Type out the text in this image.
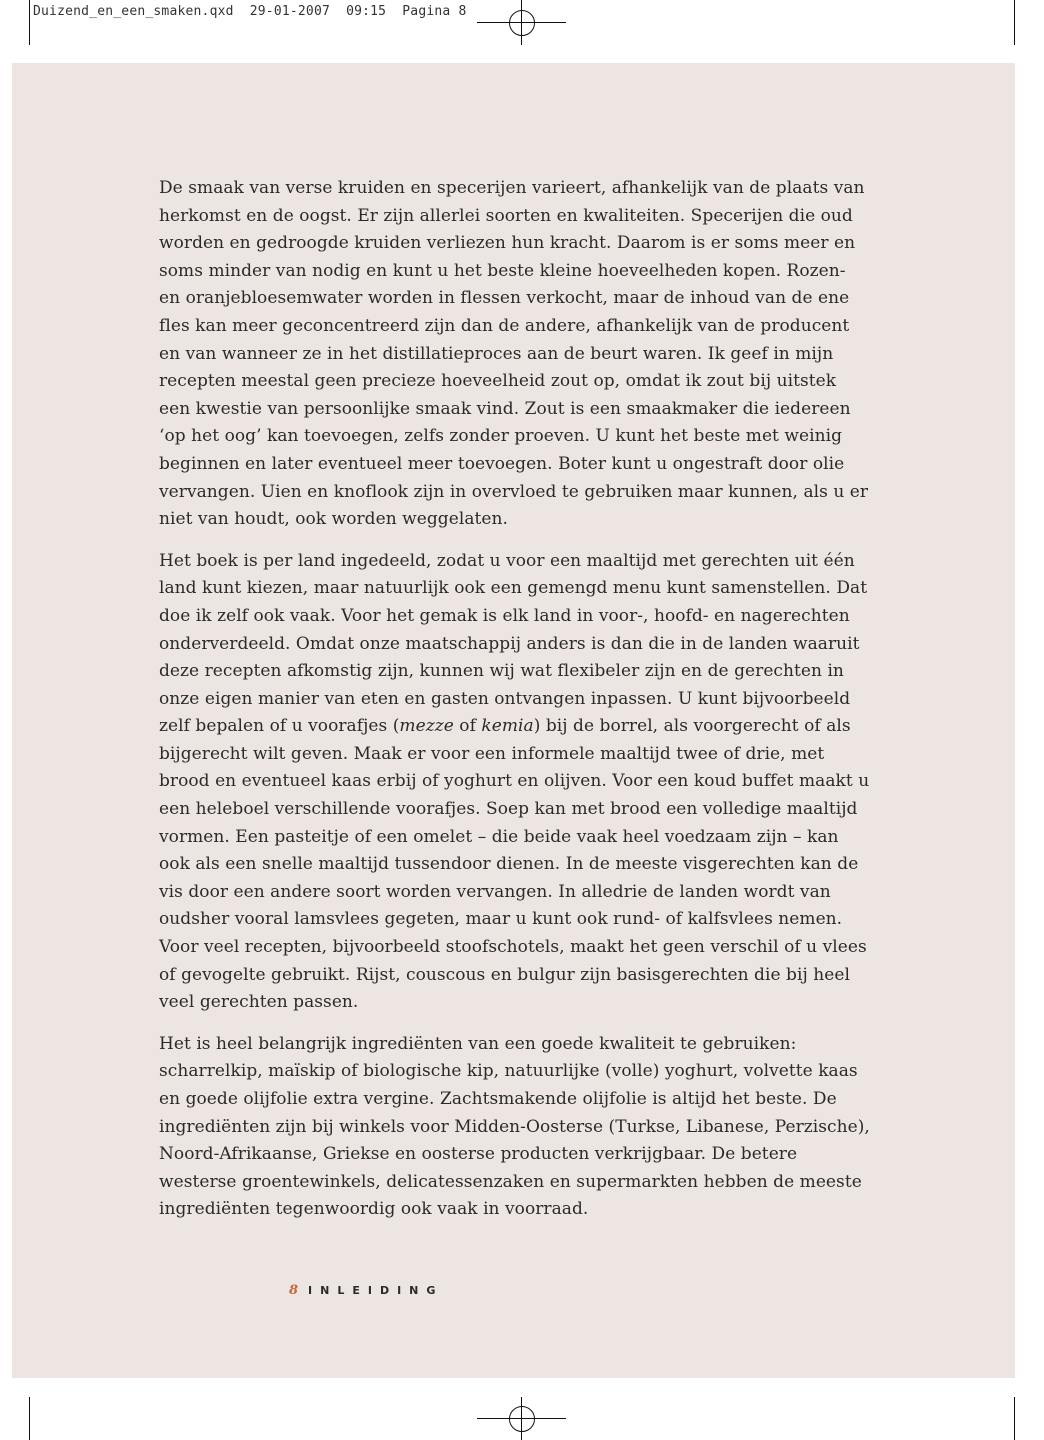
Duizend_en_een_smaken.qxd 29-01-2007 09:15 Pagina 8

De smaak van verse kruiden en specerijen varieert, afhankelijk van de plaats van herkomst en de oogst. Er zijn allerlei soorten en kwaliteiten. Specerijen die oud worden en gedroogde kruiden verliezen hun kracht. Daarom is er soms meer en soms minder van nodig en kunt u het beste kleine hoeveelheden kopen. Rozen- en oranjebloesemwater worden in flessen verkocht, maar de inhoud van de ene fles kan meer geconcentreerd zijn dan de andere, afhankelijk van de producent en van wanneer ze in het distillatieproces aan de beurt waren. Ik geef in mijn recepten meestal geen precieze hoeveelheid zout op, omdat ik zout bij uitstek een kwestie van persoonlijke smaak vind. Zout is een smaakmaker die iedereen ‘op het oog’ kan toevoegen, zelfs zonder proeven. U kunt het beste met weinig beginnen en later eventueel meer toevoegen. Boter kunt u ongestraft door olie vervangen. Uien en knoflook zijn in overvloed te gebruiken maar kunnen, als u er niet van houdt, ook worden weggelaten.

Het boek is per land ingedeeld, zodat u voor een maaltijd met gerechten uit één land kunt kiezen, maar natuurlijk ook een gemengd menu kunt samenstellen. Dat doe ik zelf ook vaak. Voor het gemak is elk land in voor-, hoofd- en nagerechten onderverdeeld. Omdat onze maatschappij anders is dan die in de landen waaruit deze recepten afkomstig zijn, kunnen wij wat flexibeler zijn en de gerechten in onze eigen manier van eten en gasten ontvangen inpassen. U kunt bijvoorbeeld zelf bepalen of u voorafjes (mezze of kemia) bij de borrel, als voorgerecht of als bijgerecht wilt geven. Maak er voor een informele maaltijd twee of drie, met brood en eventueel kaas erbij of yoghurt en olijven. Voor een koud buffet maakt u een heleboel verschillende voorafjes. Soep kan met brood een volledige maaltijd vormen. Een pasteitje of een omelet – die beide vaak heel voedzaam zijn – kan ook als een snelle maaltijd tussendoor dienen. In de meeste visgerechten kan de vis door een andere soort worden vervangen. In alledrie de landen wordt van oudsher vooral lamsvlees gegeten, maar u kunt ook rund- of kalfsvlees nemen. Voor veel recepten, bijvoorbeeld stoofschotels, maakt het geen verschil of u vlees of gevogelte gebruikt. Rijst, couscous en bulgur zijn basisgerechten die bij heel veel gerechten passen.

Het is heel belangrijk ingrediënten van een goede kwaliteit te gebruiken: scharrelkip, maïskip of biologische kip, natuurlijke (volle) yoghurt, volvette kaas en goede olijfolie extra vergine. Zachtsmakende olijfolie is altijd het beste. De ingrediënten zijn bij winkels voor Midden-Oosterse (Turkse, Libanese, Perzische), Noord-Afrikaanse, Griekse en oosterse producten verkrijgbaar. De betere westerse groentewinkels, delicatessenzaken en supermarkten hebben de meeste ingrediënten tegenwoordig ook vaak in voorraad.

8 INLEIDING
